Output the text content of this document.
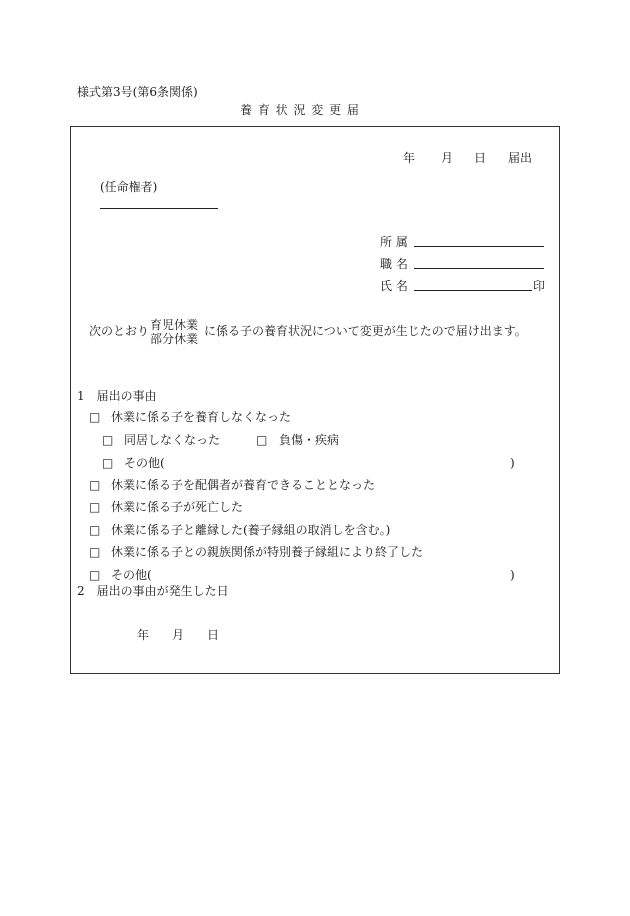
様式第3号(第6条関係)
養 育 状 況 変 更 届
年 月 日 届出
(任命権者)
所 属
職 名
氏 名	印
次のとおり 育児休業
部分休業
に係る子の養育状況について変更が生じたので届け出ます。
1　届出の事由
□ 休業に係る子を養育しなくなった
□ 同居しなくなった	□ 負傷・疾病
□ その他(	)
□ 休業に係る子を配偶者が養育できることとなった
□ 休業に係る子が死亡した
□ 休業に係る子と離縁した(養子縁組の取消しを含む。)
□ 休業に係る子との親族関係が特別養子縁組により終了した
□ その他(	)
2　届出の事由が発生した日
年 月 日
